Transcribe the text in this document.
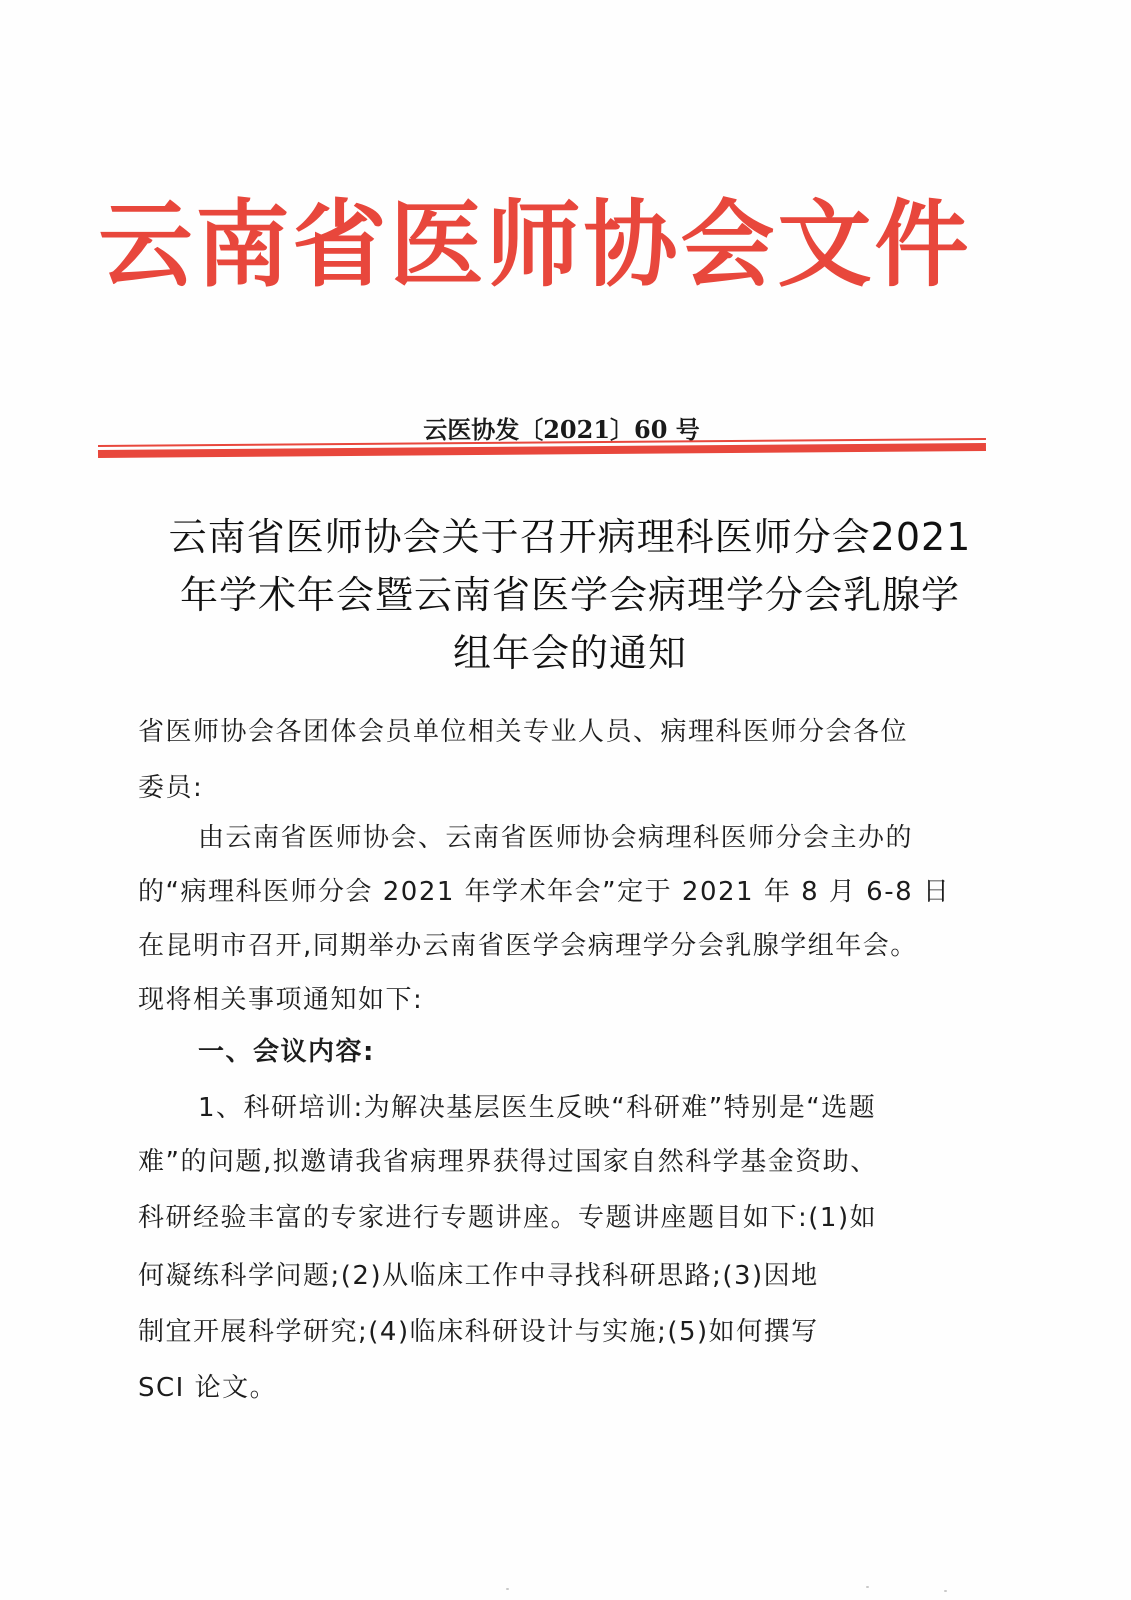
云南省医师协会文件
云医协发〔2021〕60 号
云南省医师协会关于召开病理科医师分会2021
年学术年会暨云南省医学会病理学分会乳腺学
组年会的通知
省医师协会各团体会员单位相关专业人员、病理科医师分会各位
委员:
由云南省医师协会、云南省医师协会病理科医师分会主办的
的“病理科医师分会 2021 年学术年会”定于 2021 年 8 月 6-8 日
在昆明市召开,同期举办云南省医学会病理学分会乳腺学组年会。
现将相关事项通知如下:
一、会议内容:
1、科研培训:为解决基层医生反映“科研难”特别是“选题
难”的问题,拟邀请我省病理界获得过国家自然科学基金资助、
科研经验丰富的专家进行专题讲座。专题讲座题目如下:(1)如
何凝练科学问题;(2)从临床工作中寻找科研思路;(3)因地
制宜开展科学研究;(4)临床科研设计与实施;(5)如何撰写
SCI 论文。
